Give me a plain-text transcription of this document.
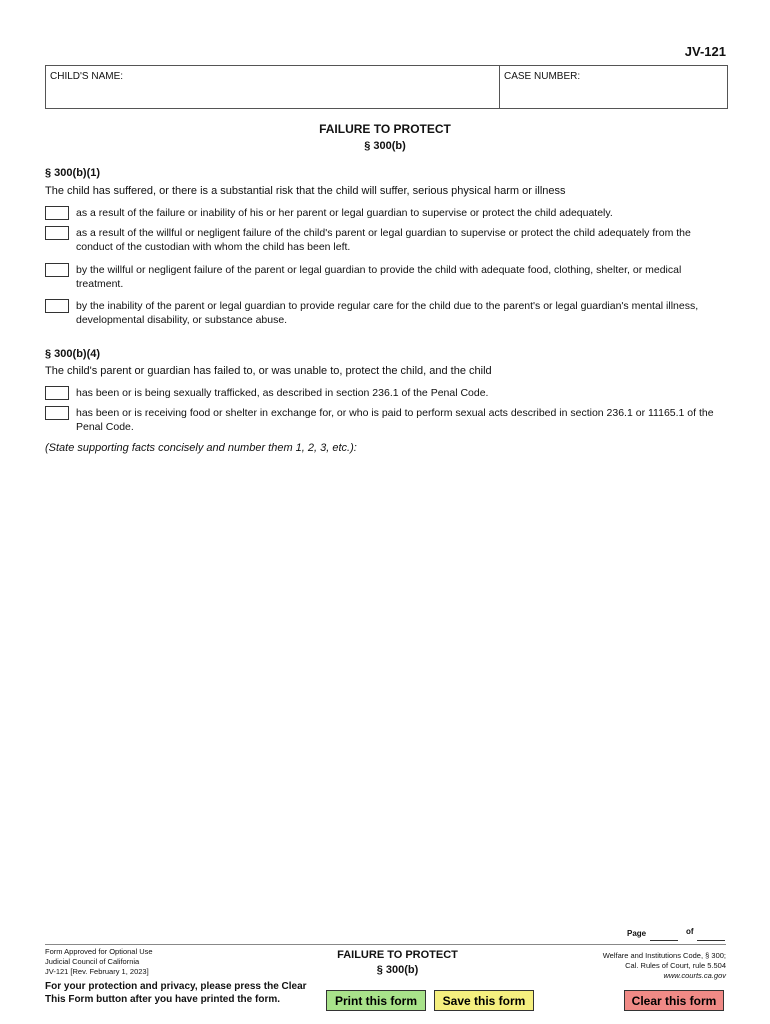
JV-121
CHILD'S NAME:	CASE NUMBER:
FAILURE TO PROTECT
§ 300(b)
§ 300(b)(1)
The child has suffered, or there is a substantial risk that the child will suffer, serious physical harm or illness
as a result of the failure or inability of his or her parent or legal guardian to supervise or protect the child adequately.
as a result of the willful or negligent failure of the child's parent or legal guardian to supervise or protect the child adequately from the conduct of the custodian with whom the child has been left.
by the willful or negligent failure of the parent or legal guardian to provide the child with adequate food, clothing, shelter, or medical treatment.
by the inability of the parent or legal guardian to provide regular care for the child due to the parent's or legal guardian's mental illness, developmental disability, or substance abuse.
§ 300(b)(4)
The child's parent or guardian has failed to, or was unable to, protect the child, and the child
has been or is being sexually trafficked, as described in section 236.1 of the Penal Code.
has been or is receiving food or shelter in exchange for, or who is paid to perform sexual acts described in section 236.1 or 11165.1 of the Penal Code.
(State supporting facts concisely and number them 1, 2, 3, etc.):
Page	of
Form Approved for Optional Use
Judicial Council of California
JV-121 [Rev. February 1, 2023]
FAILURE TO PROTECT
§ 300(b)
Welfare and Institutions Code, § 300;
Cal. Rules of Court, rule 5.504
www.courts.ca.gov
For your protection and privacy, please press the Clear
This Form button after you have printed the form.	Print this form	Save this form	Clear this form
